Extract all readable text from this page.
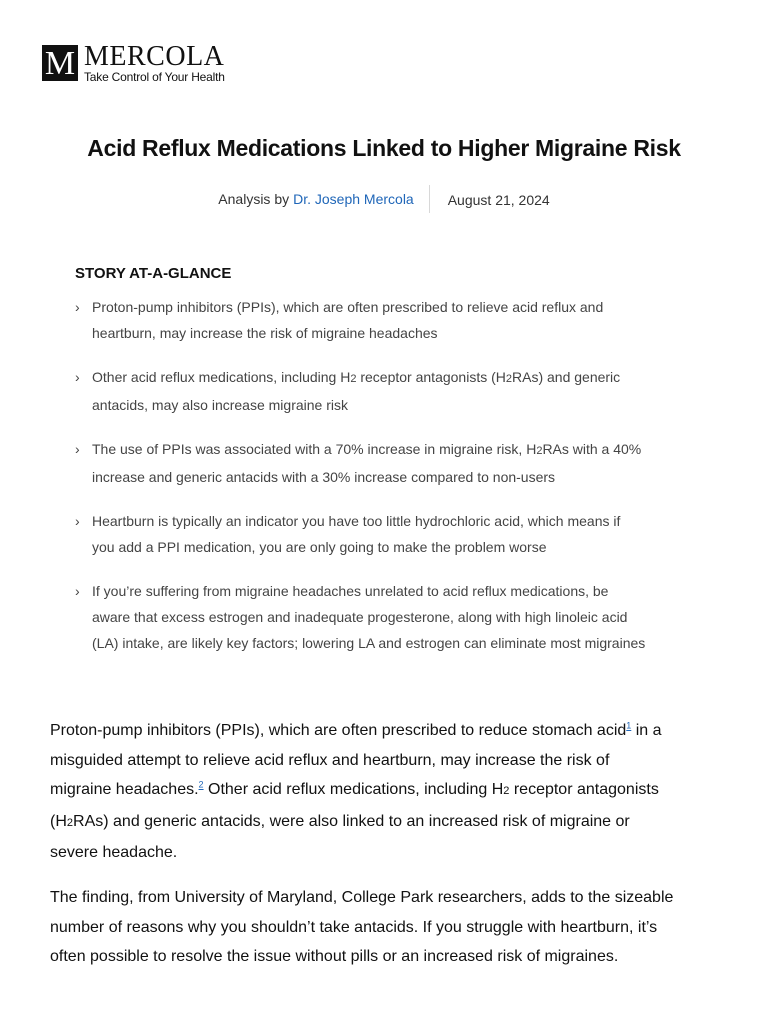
M MERCOLA
Take Control of Your Health
Acid Reflux Medications Linked to Higher Migraine Risk
Analysis by Dr. Joseph Mercola	August 21, 2024
STORY AT-A-GLANCE
› Proton-pump inhibitors (PPIs), which are often prescribed to relieve acid reflux and
heartburn, may increase the risk of migraine headaches
› Other acid reflux medications, including H2 receptor antagonists (H2RAs) and generic
antacids, may also increase migraine risk
› The use of PPIs was associated with a 70% increase in migraine risk, H2RAs with a 40%
increase and generic antacids with a 30% increase compared to non-users
› Heartburn is typically an indicator you have too little hydrochloric acid, which means if
you add a PPI medication, you are only going to make the problem worse
› If you’re suffering from migraine headaches unrelated to acid reflux medications, be
aware that excess estrogen and inadequate progesterone, along with high linoleic acid
(LA) intake, are likely key factors; lowering LA and estrogen can eliminate most migraines

Proton-pump inhibitors (PPIs), which are often prescribed to reduce stomach acid$^1$ in a
misguided attempt to relieve acid reflux and heartburn, may increase the risk of
migraine headaches.$^2$ Other acid reflux medications, including H2 receptor antagonists
(H2RAs) and generic antacids, were also linked to an increased risk of migraine or
severe headache.

The finding, from University of Maryland, College Park researchers, adds to the sizeable
number of reasons why you shouldn’t take antacids. If you struggle with heartburn, it’s
often possible to resolve the issue without pills or an increased risk of migraines.
